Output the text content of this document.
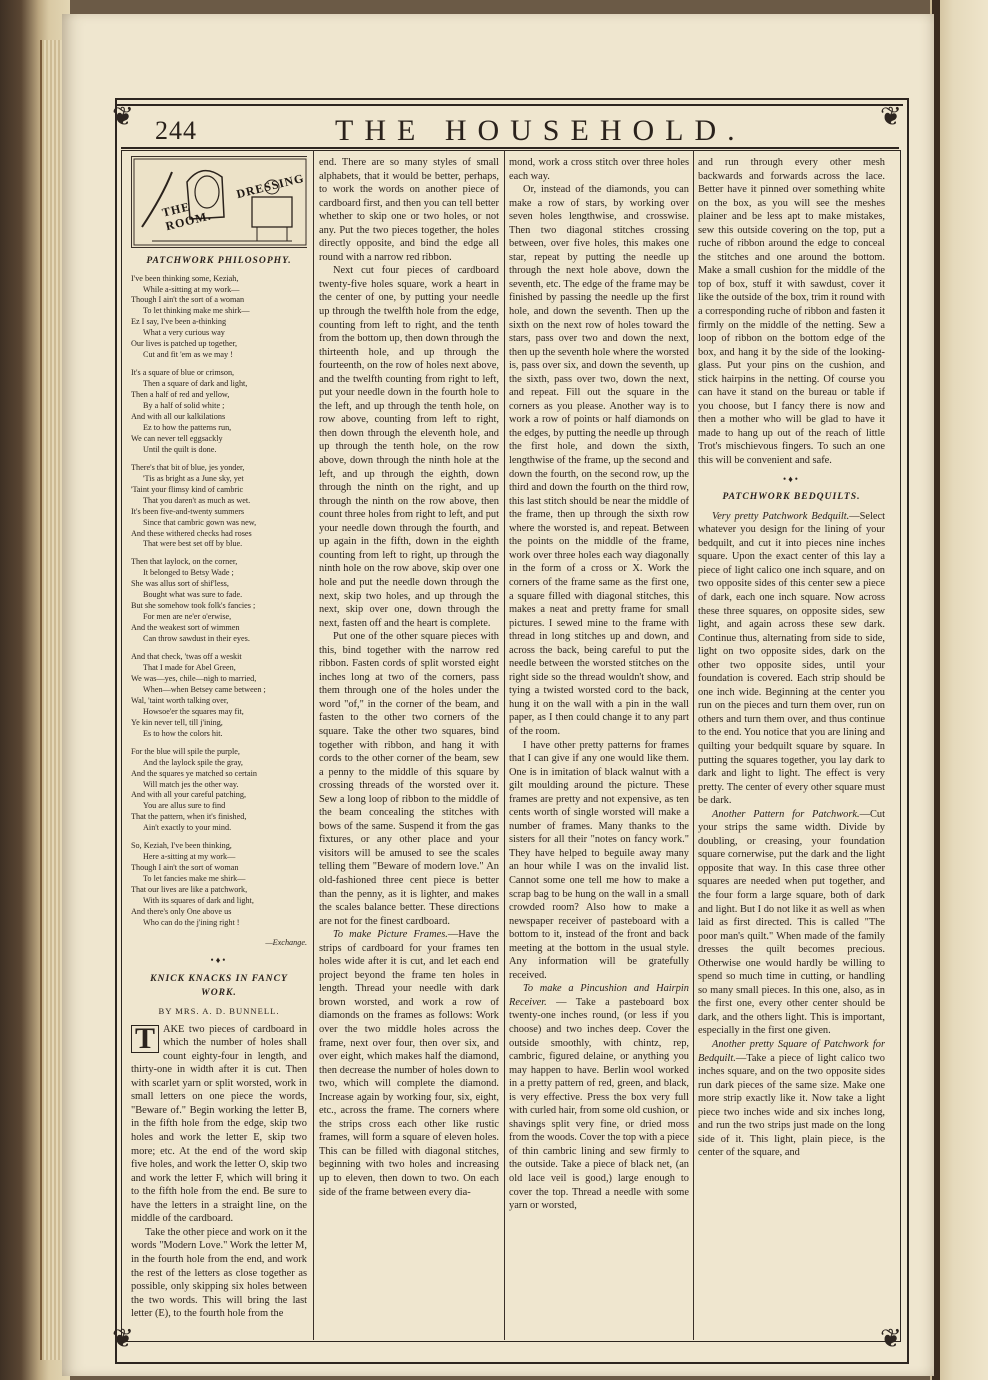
❦	❦
❦	❦
244	THE HOUSEHOLD.
THE DRESSING ROOM.
PATCHWORK PHILOSOPHY.
I've been thinking some, Keziah,
While a-sitting at my work—
Though I ain't the sort of a woman
To let thinking make me shirk—
Ez I say, I've been a-thinking
What a very curious way
Our lives is patched up together,
Cut and fit 'em as we may !
It's a square of blue or crimson,
Then a square of dark and light,
Then a half of red and yellow,
By a half of solid white ;
And with all our kalkilations
Ez to how the patterns run,
We can never tell eggsackly
Until the quilt is done.
There's that bit of blue, jes yonder,
'Tis as bright as a June sky, yet
'Taint your flimsy kind of cambric
That you daren't as much as wet.
It's been five-and-twenty summers
Since that cambric gown was new,
And these withered checks had roses
That were best set off by blue.
Then that laylock, on the corner,
It belonged to Betsy Wade ;
She was allus sort of shif'less,
Bought what was sure to fade.
But she somehow took folk's fancies ;
For men are ne'er o'erwise,
And the weakest sort of wimmen
Can throw sawdust in their eyes.
And that check, 'twas off a weskit
That I made for Abel Green,
We was—yes, chile—nigh to married,
When—when Betsey came between ;
Wal, 'taint worth talking over,
Howsoe'er the squares may fit,
Ye kin never tell, till j'ining,
Es to how the colors hit.
For the blue will spile the purple,
And the laylock spile the gray,
And the squares ye matched so certain
Will match jes the other way.
And with all your careful patching,
You are allus sure to find
That the pattern, when it's finished,
Ain't exactly to your mind.
So, Keziah, I've been thinking,
Here a-sitting at my work—
Though I ain't the sort of woman
To let fancies make me shirk—
That our lives are like a patchwork,
With its squares of dark and light,
And there's only One above us
Who can do the j'ining right !
—Exchange.
•♦•
KNICK KNACKS IN FANCY WORK.
BY MRS. A. D. BUNNELL.

T AKE two pieces of cardboard in which the number of holes shall count eighty-four in length, and thirty-one in width after it is cut. Then with scarlet yarn or split worsted, work in small letters on one piece the words, "Beware of." Begin working the letter B, in the fifth hole from the edge, skip two holes and work the letter E, skip two more; etc. At the end of the word skip five holes, and work the letter O, skip two and work the letter F, which will bring it to the fifth hole from the end. Be sure to have the letters in a straight line, on the middle of the cardboard.

Take the other piece and work on it the words "Modern Love." Work the letter M, in the fourth hole from the end, and work the rest of the letters as close together as possible, only skipping six holes between the two words. This will bring the last letter (E), to the fourth hole from the

end. There are so many styles of small alphabets, that it would be better, perhaps, to work the words on another piece of cardboard first, and then you can tell better whether to skip one or two holes, or not any. Put the two pieces together, the holes directly opposite, and bind the edge all round with a narrow red ribbon.

Next cut four pieces of cardboard twenty-five holes square, work a heart in the center of one, by putting your needle up through the twelfth hole from the edge, counting from left to right, and the tenth from the bottom up, then down through the thirteenth hole, and up through the fourteenth, on the row of holes next above, and the twelfth counting from right to left, put your needle down in the fourth hole to the left, and up through the tenth hole, on row above, counting from left to right, then down through the eleventh hole, and up through the tenth hole, on the row above, down through the ninth hole at the left, and up through the eighth, down through the ninth on the right, and up through the ninth on the row above, then count three holes from right to left, and put your needle down through the fourth, and up again in the fifth, down in the eighth counting from left to right, up through the ninth hole on the row above, skip over one hole and put the needle down through the next, skip two holes, and up through the next, skip over one, down through the next, fasten off and the heart is complete.

Put one of the other square pieces with this, bind together with the narrow red ribbon. Fasten cords of split worsted eight inches long at two of the corners, pass them through one of the holes under the word "of," in the corner of the beam, and fasten to the other two corners of the square. Take the other two squares, bind together with ribbon, and hang it with cords to the other corner of the beam, sew a penny to the middle of this square by crossing threads of the worsted over it. Sew a long loop of ribbon to the middle of the beam concealing the stitches with bows of the same. Suspend it from the gas fixtures, or any other place and your visitors will be amused to see the scales telling them "Beware of modern love." An old-fashioned three cent piece is better than the penny, as it is lighter, and makes the scales balance better. These directions are not for the finest cardboard.

To make Picture Frames.—Have the strips of cardboard for your frames ten holes wide after it is cut, and let each end project beyond the frame ten holes in length. Thread your needle with dark brown worsted, and work a row of diamonds on the frames as follows: Work over the two middle holes across the frame, next over four, then over six, and over eight, which makes half the diamond, then decrease the number of holes down to two, which will complete the diamond. Increase again by working four, six, eight, etc., across the frame. The corners where the strips cross each other like rustic frames, will form a square of eleven holes. This can be filled with diagonal stitches, beginning with two holes and increasing up to eleven, then down to two. On each side of the frame between every dia-

mond, work a cross stitch over three holes each way.

Or, instead of the diamonds, you can make a row of stars, by working over seven holes lengthwise, and crosswise. Then two diagonal stitches crossing between, over five holes, this makes one star, repeat by putting the needle up through the next hole above, down the seventh, etc. The edge of the frame may be finished by passing the needle up the first hole, and down the seventh. Then up the sixth on the next row of holes toward the stars, pass over two and down the next, then up the seventh hole where the worsted is, pass over six, and down the seventh, up the sixth, pass over two, down the next, and repeat. Fill out the square in the corners as you please. Another way is to work a row of points or half diamonds on the edges, by putting the needle up through the first hole, and down the sixth, lengthwise of the frame, up the second and down the fourth, on the second row, up the third and down the fourth on the third row, this last stitch should be near the middle of the frame, then up through the sixth row where the worsted is, and repeat. Between the points on the middle of the frame, work over three holes each way diagonally in the form of a cross or X. Work the corners of the frame same as the first one, a square filled with diagonal stitches, this makes a neat and pretty frame for small pictures. I sewed mine to the frame with thread in long stitches up and down, and across the back, being careful to put the needle between the worsted stitches on the right side so the thread wouldn't show, and tying a twisted worsted cord to the back, hung it on the wall with a pin in the wall paper, as I then could change it to any part of the room.

I have other pretty patterns for frames that I can give if any one would like them. One is in imitation of black walnut with a gilt moulding around the picture. These frames are pretty and not expensive, as ten cents worth of single worsted will make a number of frames. Many thanks to the sisters for all their "notes on fancy work." They have helped to beguile away many an hour while I was on the invalid list. Cannot some one tell me how to make a scrap bag to be hung on the wall in a small crowded room? Also how to make a newspaper receiver of pasteboard with a bottom to it, instead of the front and back meeting at the bottom in the usual style. Any information will be gratefully received.

To make a Pincushion and Hairpin Receiver. — Take a pasteboard box twenty-one inches round, (or less if you choose) and two inches deep. Cover the outside smoothly, with chintz, rep, cambric, figured delaine, or anything you may happen to have. Berlin wool worked in a pretty pattern of red, green, and black, is very effective. Press the box very full with curled hair, from some old cushion, or shavings split very fine, or dried moss from the woods. Cover the top with a piece of thin cambric lining and sew firmly to the outside. Take a piece of black net, (an old lace veil is good,) large enough to cover the top. Thread a needle with some yarn or worsted,

and run through every other mesh backwards and forwards across the lace. Better have it pinned over something white on the box, as you will see the meshes plainer and be less apt to make mistakes, sew this outside covering on the top, put a ruche of ribbon around the edge to conceal the stitches and one around the bottom. Make a small cushion for the middle of the top of box, stuff it with sawdust, cover it like the outside of the box, trim it round with a corresponding ruche of ribbon and fasten it firmly on the middle of the netting. Sew a loop of ribbon on the bottom edge of the box, and hang it by the side of the looking-glass. Put your pins on the cushion, and stick hairpins in the netting. Of course you can have it stand on the bureau or table if you choose, but I fancy there is now and then a mother who will be glad to have it made to hang up out of the reach of little Trot's mischievous fingers. To such an one this will be convenient and safe.

•♦•
PATCHWORK BEDQUILTS.

Very pretty Patchwork Bedquilt.—Select whatever you design for the lining of your bedquilt, and cut it into pieces nine inches square. Upon the exact center of this lay a piece of light calico one inch square, and on two opposite sides of this center sew a piece of dark, each one inch square. Now across these three squares, on opposite sides, sew light, and again across these sew dark. Continue thus, alternating from side to side, light on two opposite sides, dark on the other two opposite sides, until your foundation is covered. Each strip should be one inch wide. Beginning at the center you run on the pieces and turn them over, run on others and turn them over, and thus continue to the end. You notice that you are lining and quilting your bedquilt square by square. In putting the squares together, you lay dark to dark and light to light. The effect is very pretty. The center of every other square must be dark.

Another Pattern for Patchwork.—Cut your strips the same width. Divide by doubling, or creasing, your foundation square cornerwise, put the dark and the light opposite that way. In this case three other squares are needed when put together, and the four form a large square, both of dark and light. But I do not like it as well as when laid as first directed. This is called "The poor man's quilt." When made of the family dresses the quilt becomes precious. Otherwise one would hardly be willing to spend so much time in cutting, or handling so many small pieces. In this one, also, as in the first one, every other center should be dark, and the others light. This is important, especially in the first one given.

Another pretty Square of Patchwork for Bedquilt.—Take a piece of light calico two inches square, and on the two opposite sides run dark pieces of the same size. Make one more strip exactly like it. Now take a light piece two inches wide and six inches long, and run the two strips just made on the long side of it. This light, plain piece, is the center of the square, and
